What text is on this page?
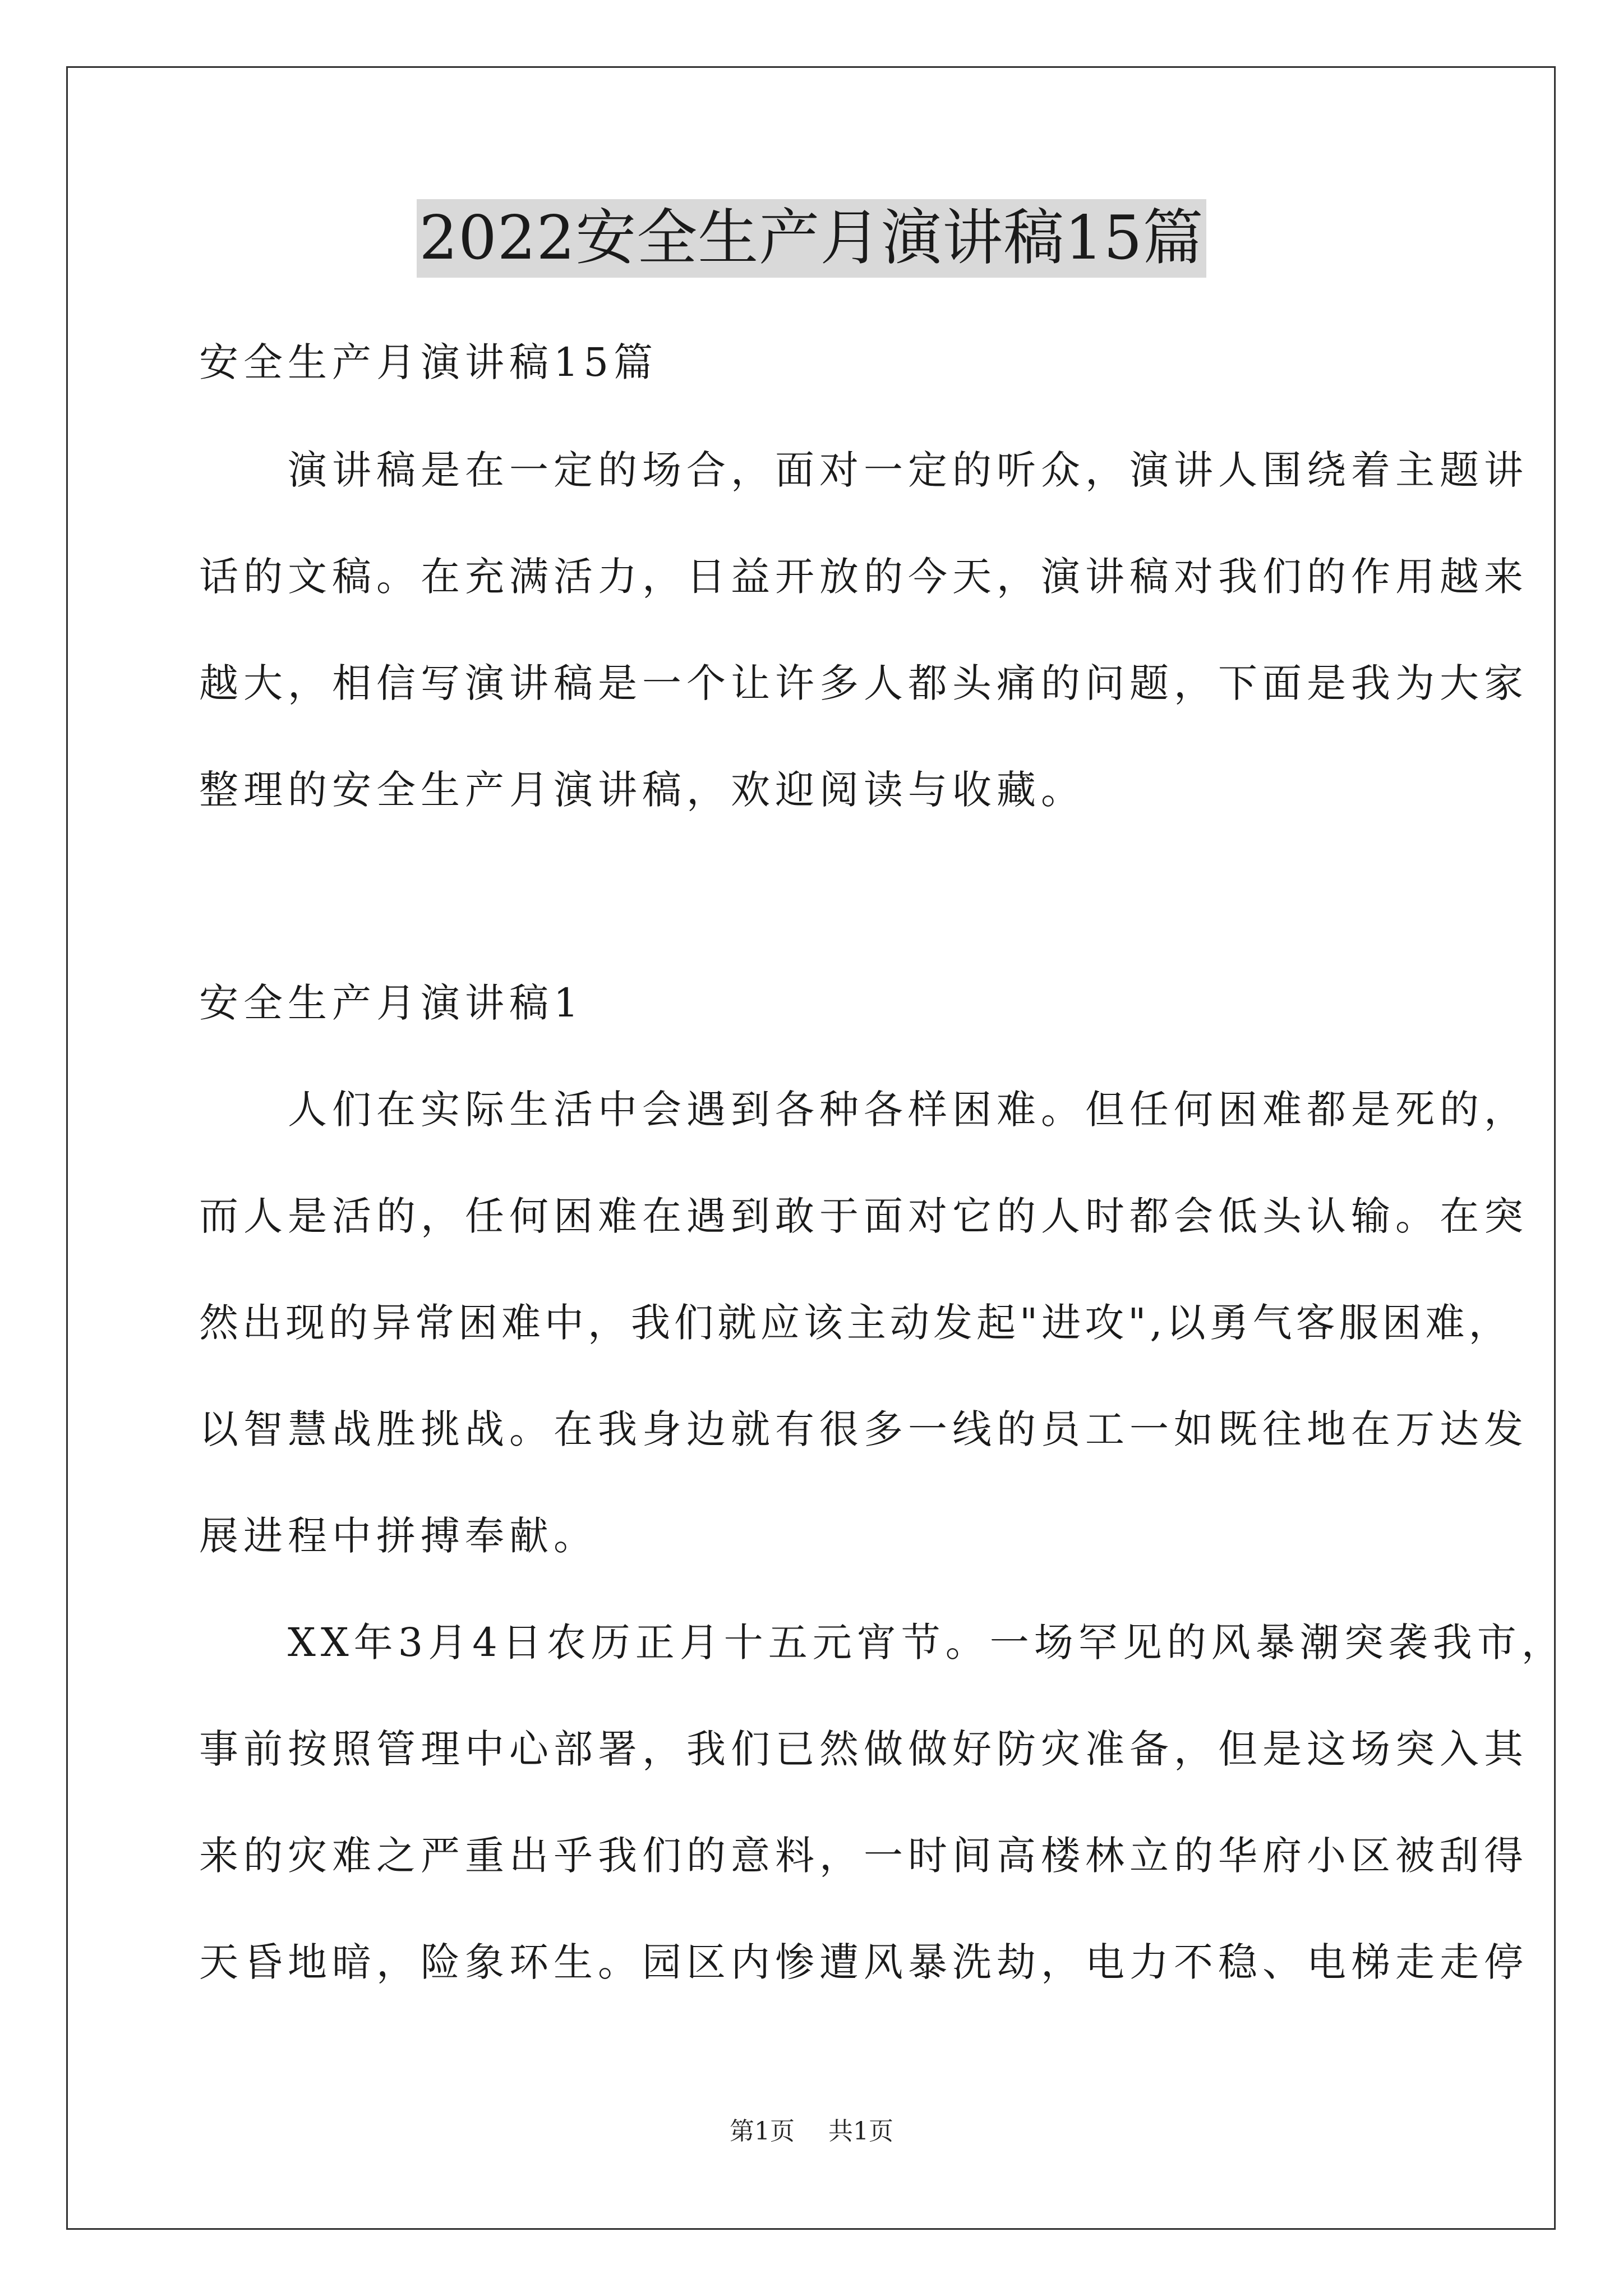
2022安全生产月演讲稿15篇
安全生产月演讲稿15篇
　　演讲稿是在一定的场合，面对一定的听众，演讲人围绕着主题讲
话的文稿。在充满活力，日益开放的今天，演讲稿对我们的作用越来
越大，相信写演讲稿是一个让许多人都头痛的问题，下面是我为大家
整理的安全生产月演讲稿，欢迎阅读与收藏。
安全生产月演讲稿1
　　人们在实际生活中会遇到各种各样困难。但任何困难都是死的，
而人是活的，任何困难在遇到敢于面对它的人时都会低头认输。在突
然出现的异常困难中，我们就应该主动发起"进攻",以勇气客服困难，
以智慧战胜挑战。在我身边就有很多一线的员工一如既往地在万达发
展进程中拼搏奉献。
　　XX年3月4日农历正月十五元宵节。一场罕见的风暴潮突袭我市，
事前按照管理中心部署，我们已然做做好防灾准备，但是这场突入其
来的灾难之严重出乎我们的意料，一时间高楼林立的华府小区被刮得
天昏地暗，险象环生。园区内惨遭风暴洗劫，电力不稳、电梯走走停
第1页 共1页
